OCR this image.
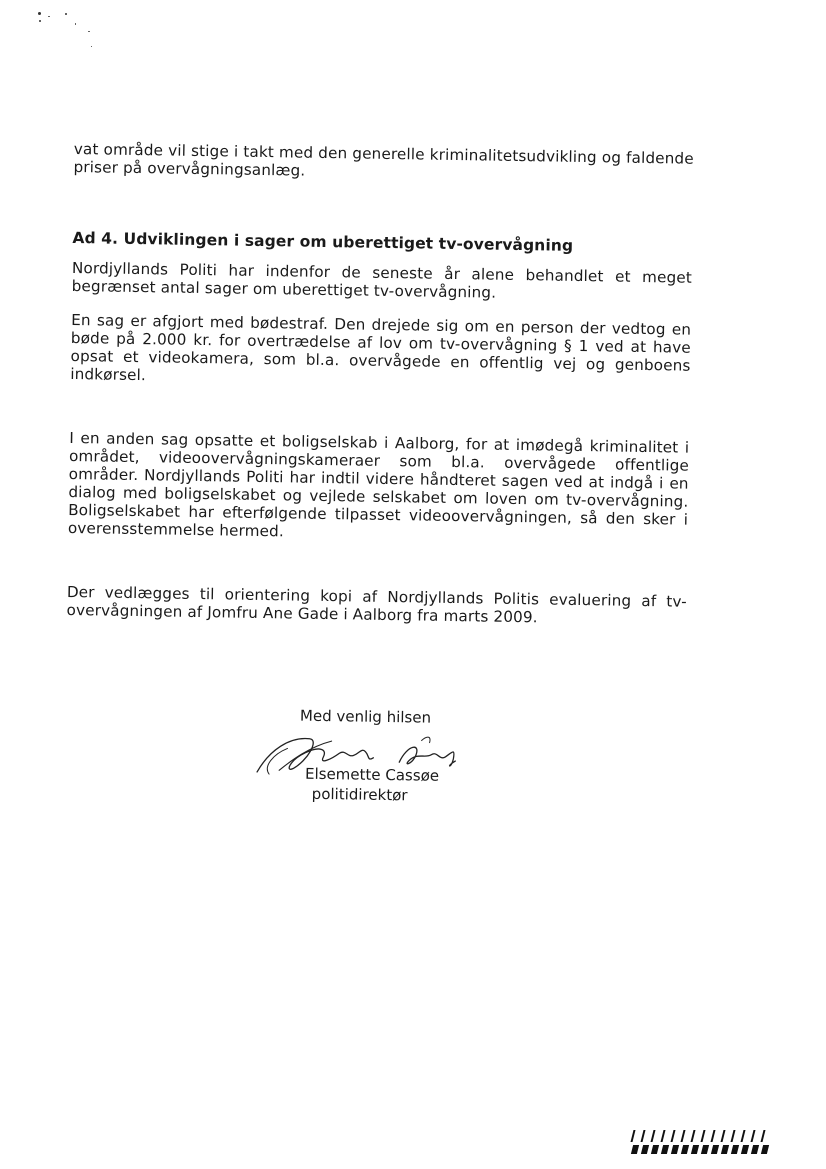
vat område vil stige i takt med den generelle kriminalitetsudvikling og faldende priser på overvågningsanlæg.

Ad 4. Udviklingen i sager om uberettiget tv-overvågning

Nordjyllands Politi har indenfor de seneste år alene behandlet et meget begrænset antal sager om uberettiget tv-overvågning.

En sag er afgjort med bødestraf. Den drejede sig om en person der vedtog en bøde på 2.000 kr. for overtrædelse af lov om tv-overvågning § 1 ved at have opsat et videokamera, som bl.a. overvågede en offentlig vej og genboens indkørsel.

I en anden sag opsatte et boligselskab i Aalborg, for at imødegå kriminalitet i området, videoovervågningskameraer som bl.a. overvågede offentlige områder. Nordjyllands Politi har indtil videre håndteret sagen ved at indgå i en dialog med boligselskabet og vejlede selskabet om loven om tv-overvågning. Boligselskabet har efterfølgende tilpasset videoovervågningen, så den sker i overensstemmelse hermed.

Der vedlægges til orientering kopi af Nordjyllands Politis evaluering af tv-overvågningen af Jomfru Ane Gade i Aalborg fra marts 2009.

Med venlig hilsen
Elsemette Cassøe
politidirektør
